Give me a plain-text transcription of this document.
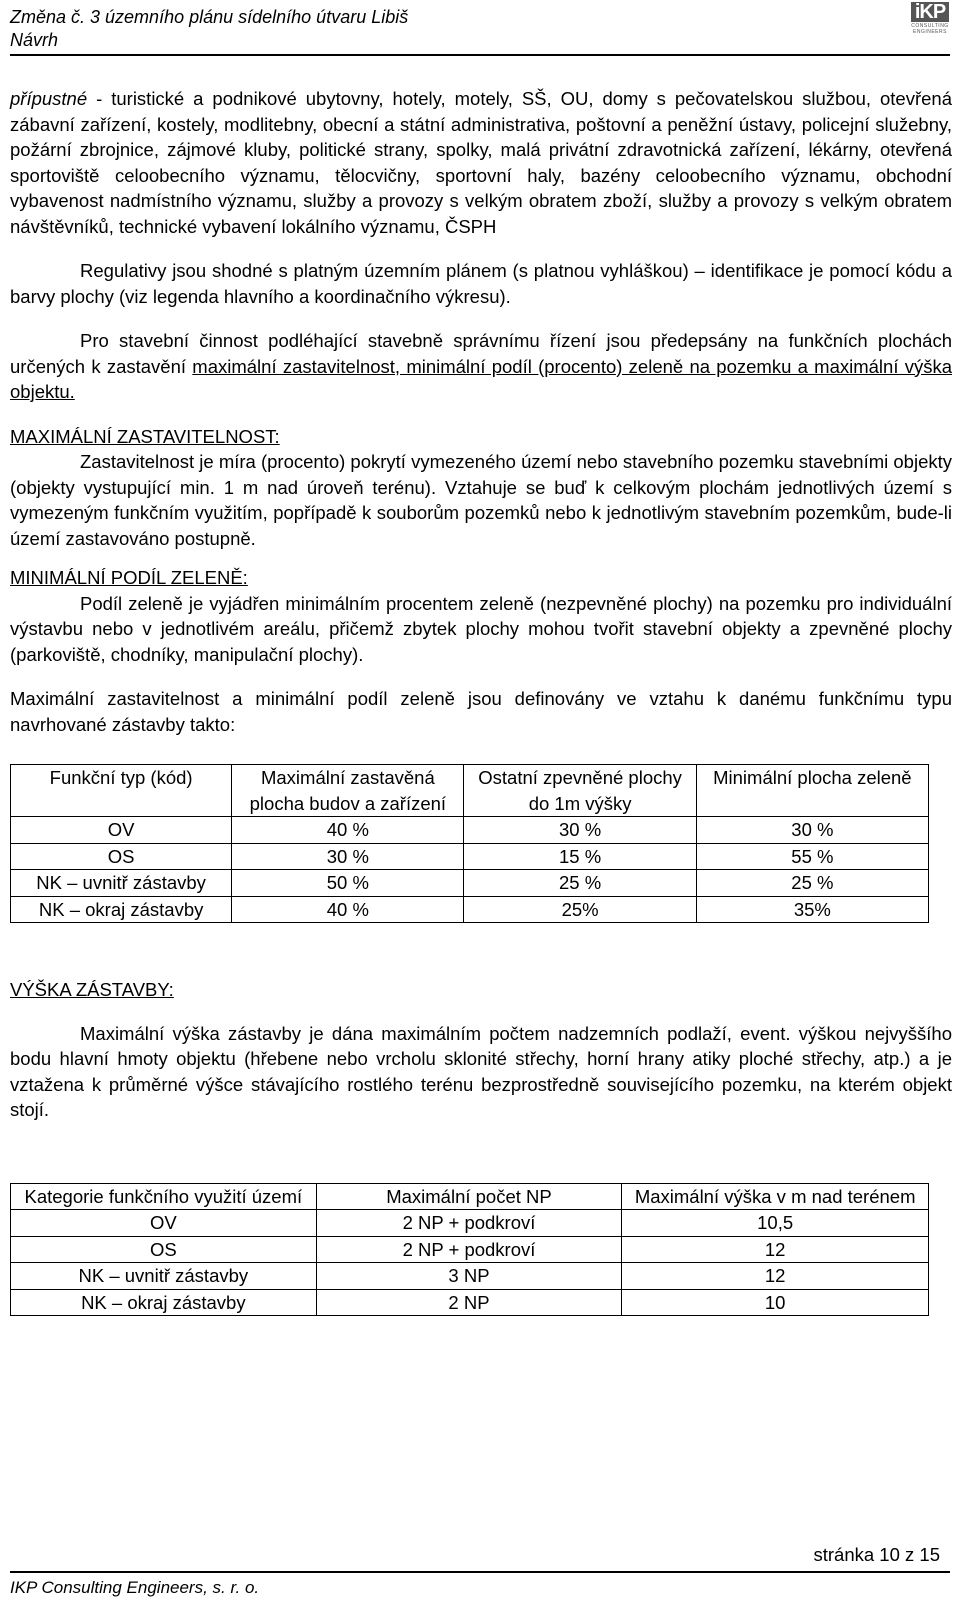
Změna č. 3 územního plánu sídelního útvaru Libiš
Návrh
iKP
CONSULTING
ENGINEERS

přípustné - turistické a podnikové ubytovny, hotely, motely, SŠ, OU, domy s pečovatelskou službou, otevřená zábavní zařízení, kostely, modlitebny, obecní a státní administrativa, poštovní a peněžní ústavy, policejní služebny, požární zbrojnice, zájmové kluby, politické strany, spolky, malá privátní zdravotnická zařízení, lékárny, otevřená sportoviště celoobecního významu, tělocvičny, sportovní haly, bazény celoobecního významu, obchodní vybavenost nadmístního významu, služby a provozy s velkým obratem zboží, služby a provozy s velkým obratem návštěvníků, technické vybavení lokálního významu, ČSPH

Regulativy jsou shodné s platným územním plánem (s platnou vyhláškou) – identifikace je pomocí kódu a barvy plochy (viz legenda hlavního a koordinačního výkresu).

Pro stavební činnost podléhající stavebně správnímu řízení jsou předepsány na funkčních plochách určených k zastavění maximální zastavitelnost, minimální podíl (procento) zeleně na pozemku a maximální výška objektu.

MAXIMÁLNÍ ZASTAVITELNOST:

Zastavitelnost je míra (procento) pokrytí vymezeného území nebo stavebního pozemku stavebními objekty (objekty vystupující min. 1 m nad úroveň terénu). Vztahuje se buď k celkovým plochám jednotlivých území s vymezeným funkčním využitím, popřípadě k souborům pozemků nebo k jednotlivým stavebním pozemkům, bude-li území zastavováno postupně.

MINIMÁLNÍ PODÍL ZELENĚ:

Podíl zeleně je vyjádřen minimálním procentem zeleně (nezpevněné plochy) na pozemku pro individuální výstavbu nebo v jednotlivém areálu, přičemž zbytek plochy mohou tvořit stavební objekty a zpevněné plochy (parkoviště, chodníky, manipulační plochy).

Maximální zastavitelnost a minimální podíl zeleně jsou definovány ve vztahu k danému funkčnímu typu navrhované zástavby takto:

Funkční typ (kód)	Maximální zastavěná plocha budov a zařízení	Ostatní zpevněné plochy do 1m výšky	Minimální plocha zeleně
OV	40 %	30 %	30 %
OS	30 %	15 %	55 %
NK – uvnitř zástavby	50 %	25 %	25 %
NK – okraj zástavby	40 %	25%	35%

VÝŠKA ZÁSTAVBY:

Maximální výška zástavby je dána maximálním počtem nadzemních podlaží, event. výškou nejvyššího bodu hlavní hmoty objektu (hřebene nebo vrcholu sklonité střechy, horní hrany atiky ploché střechy, atp.) a je vztažena k průměrné výšce stávajícího rostlého terénu bezprostředně souvisejícího pozemku, na kterém objekt stojí.

Kategorie funkčního využití území	Maximální počet NP	Maximální výška v m nad terénem
OV	2 NP + podkroví	10,5
OS	2 NP + podkroví	12
NK – uvnitř zástavby	3 NP	12
NK – okraj zástavby	2 NP	10
stránka 10 z 15
IKP Consulting Engineers, s. r. o.
